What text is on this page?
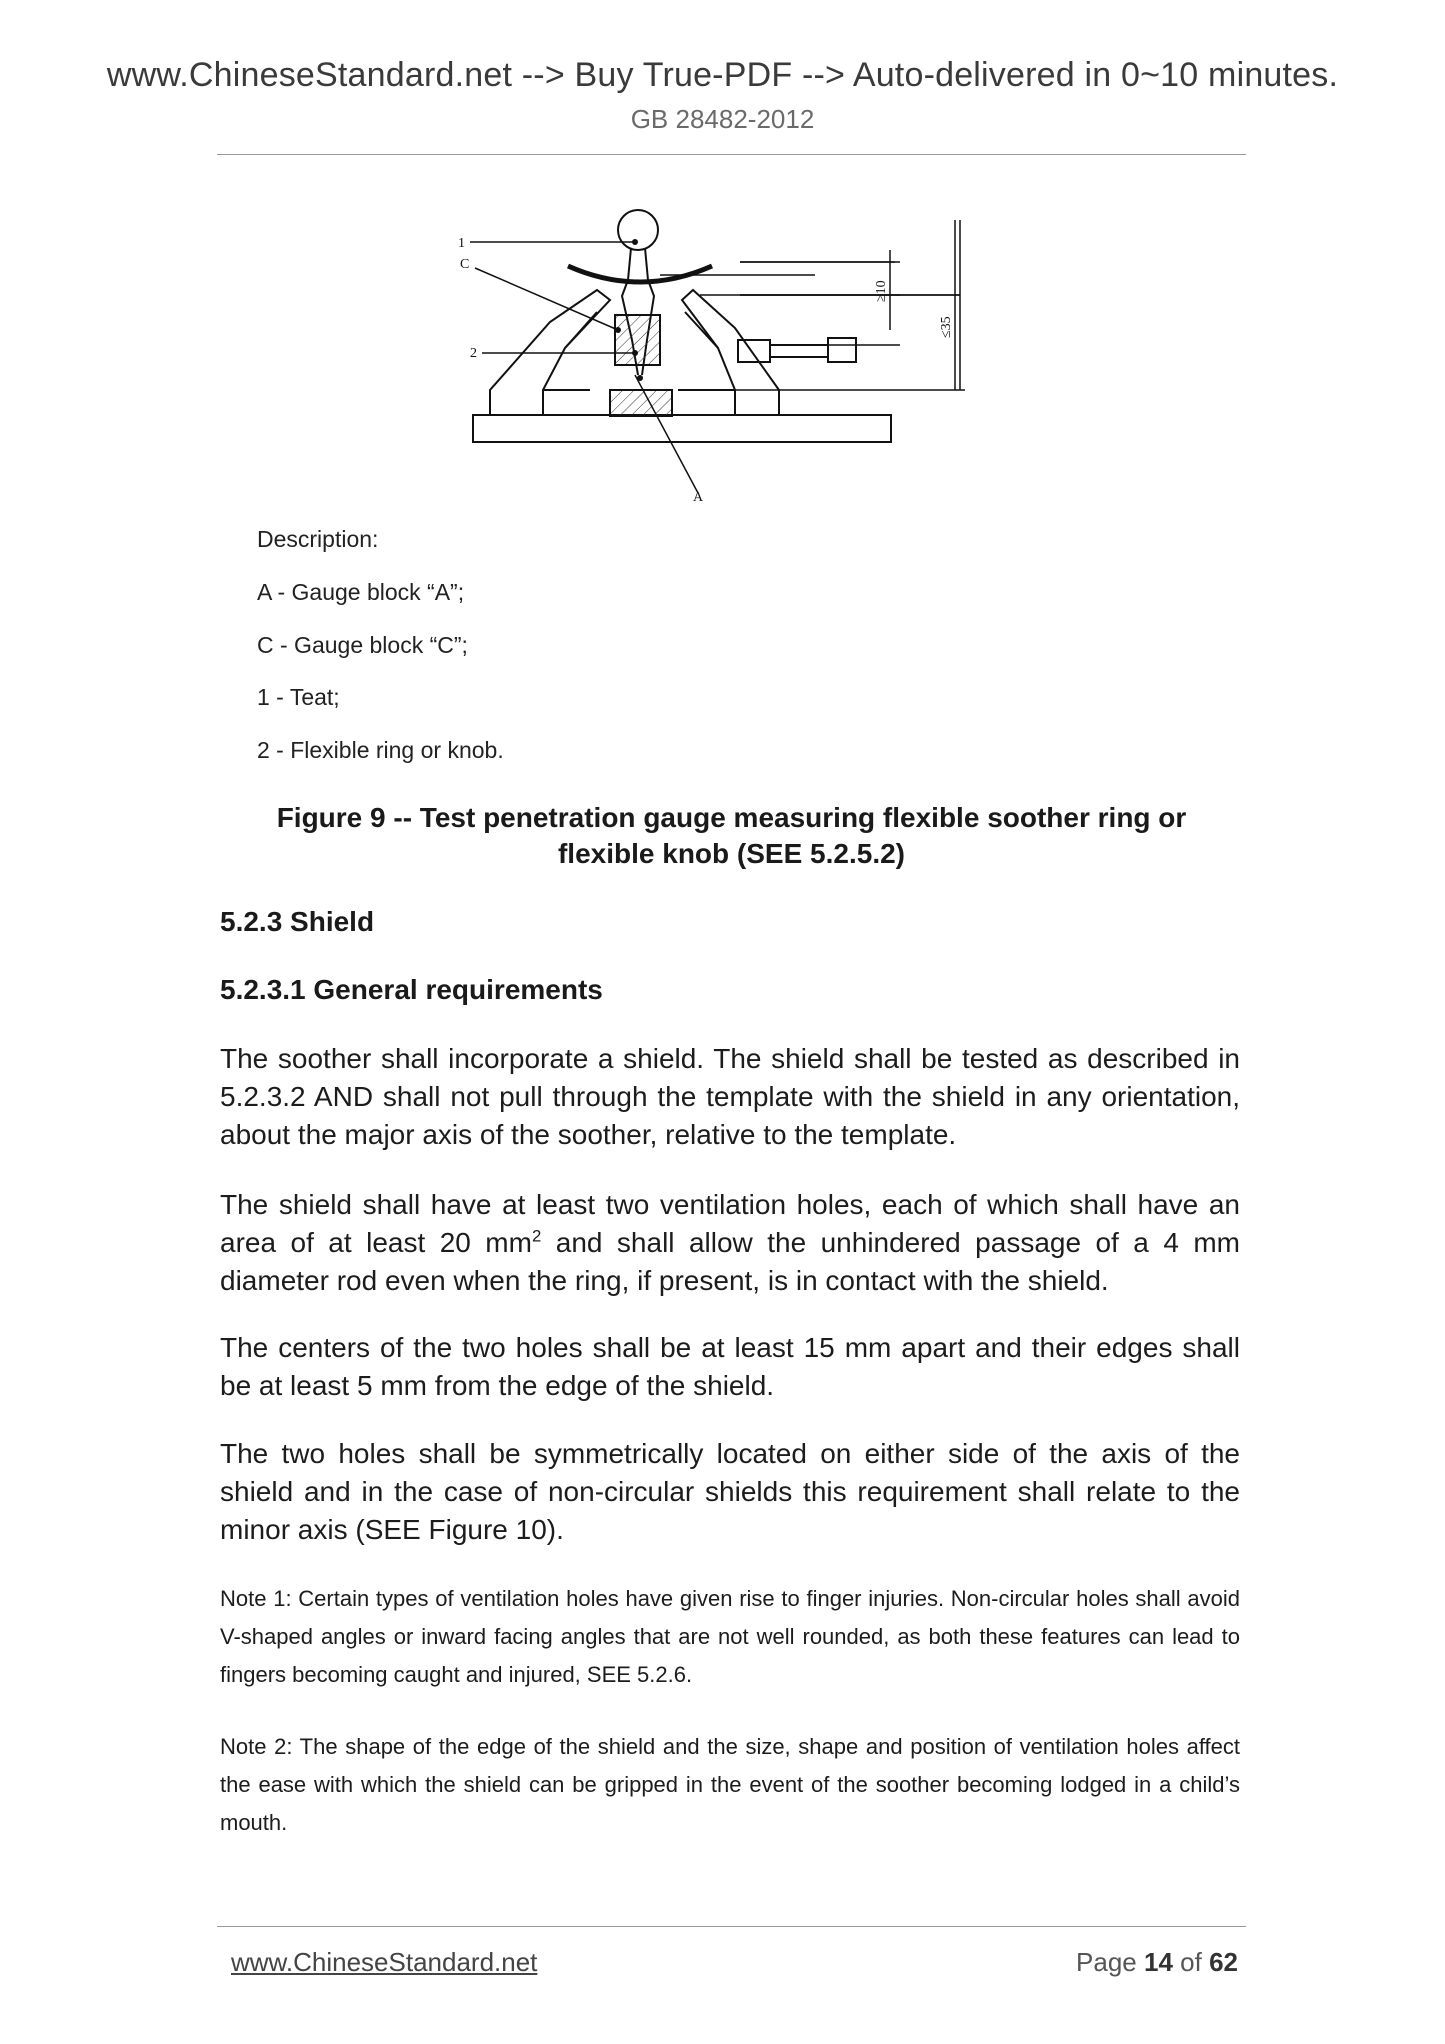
www.ChineseStandard.net --> Buy True-PDF --> Auto-delivered in 0~10 minutes.
GB 28482-2012
1
C
2
A
≥10
≤35
Description:
A - Gauge block “A”;
C - Gauge block “C”;
1 - Teat;
2 - Flexible ring or knob.
Figure 9 -- Test penetration gauge measuring flexible soother ring or
flexible knob (SEE 5.2.5.2)
5.2.3 Shield
5.2.3.1 General requirements
The soother shall incorporate a shield. The shield shall be tested as described in 5.2.3.2 AND shall not pull through the template with the shield in any orientation, about the major axis of the soother, relative to the template.
The shield shall have at least two ventilation holes, each of which shall have an area of at least 20 $mm^2$ and shall allow the unhindered passage of a 4 mm diameter rod even when the ring, if present, is in contact with the shield.
The centers of the two holes shall be at least 15 mm apart and their edges shall be at least 5 mm from the edge of the shield.
The two holes shall be symmetrically located on either side of the axis of the shield and in the case of non-circular shields this requirement shall relate to the minor axis (SEE Figure 10).
Note 1: Certain types of ventilation holes have given rise to finger injuries. Non-circular holes shall avoid V-shaped angles or inward facing angles that are not well rounded, as both these features can lead to fingers becoming caught and injured, SEE 5.2.6.
Note 2: The shape of the edge of the shield and the size, shape and position of ventilation holes affect the ease with which the shield can be gripped in the event of the soother becoming lodged in a child’s mouth.
www.ChineseStandard.net	Page 14 of 62
